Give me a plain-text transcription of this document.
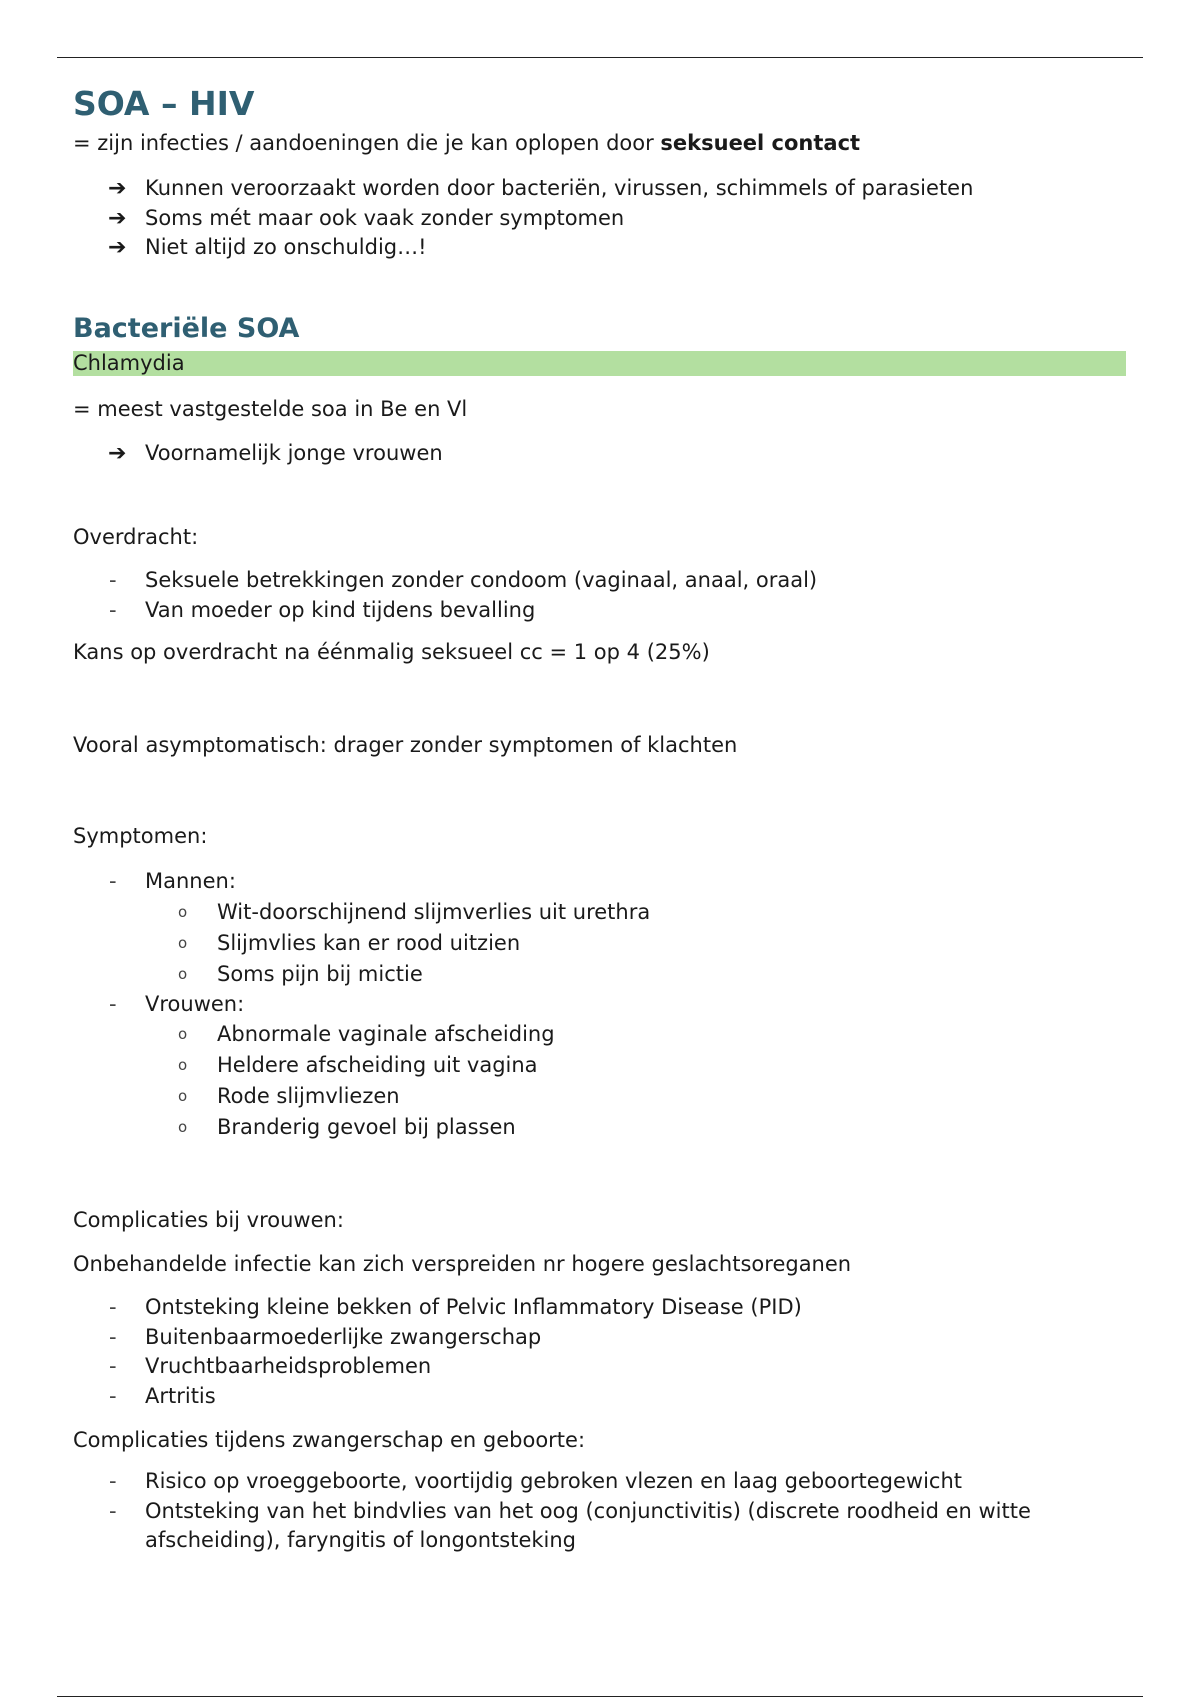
SOA – HIV

= zijn infecties / aandoeningen die je kan oplopen door seksueel contact

➔ Kunnen veroorzaakt worden door bacteriën, virussen, schimmels of parasieten
➔ Soms mét maar ook vaak zonder symptomen
➔ Niet altijd zo onschuldig…!
Bacteriële SOA
Chlamydia

= meest vastgestelde soa in Be en Vl

➔ Voornamelijk jonge vrouwen

Overdracht:

- Seksuele betrekkingen zonder condoom (vaginaal, anaal, oraal)
- Van moeder op kind tijdens bevalling

Kans op overdracht na éénmalig seksueel cc = 1 op 4 (25%)

Vooral asymptomatisch: drager zonder symptomen of klachten

Symptomen:

- Mannen:
o Wit-doorschijnend slijmverlies uit urethra
o Slijmvlies kan er rood uitzien
o Soms pijn bij mictie
- Vrouwen:
o Abnormale vaginale afscheiding
o Heldere afscheiding uit vagina
o Rode slijmvliezen
o Branderig gevoel bij plassen

Complicaties bij vrouwen:

Onbehandelde infectie kan zich verspreiden nr hogere geslachtsoreganen

- Ontsteking kleine bekken of Pelvic Inflammatory Disease (PID)
- Buitenbaarmoederlijke zwangerschap
- Vruchtbaarheidsproblemen
- Artritis

Complicaties tijdens zwangerschap en geboorte:

- Risico op vroeggeboorte, voortijdig gebroken vlezen en laag geboortegewicht
- Ontsteking van het bindvlies van het oog (conjunctivitis) (discrete roodheid en witte afscheiding), faryngitis of longontsteking
